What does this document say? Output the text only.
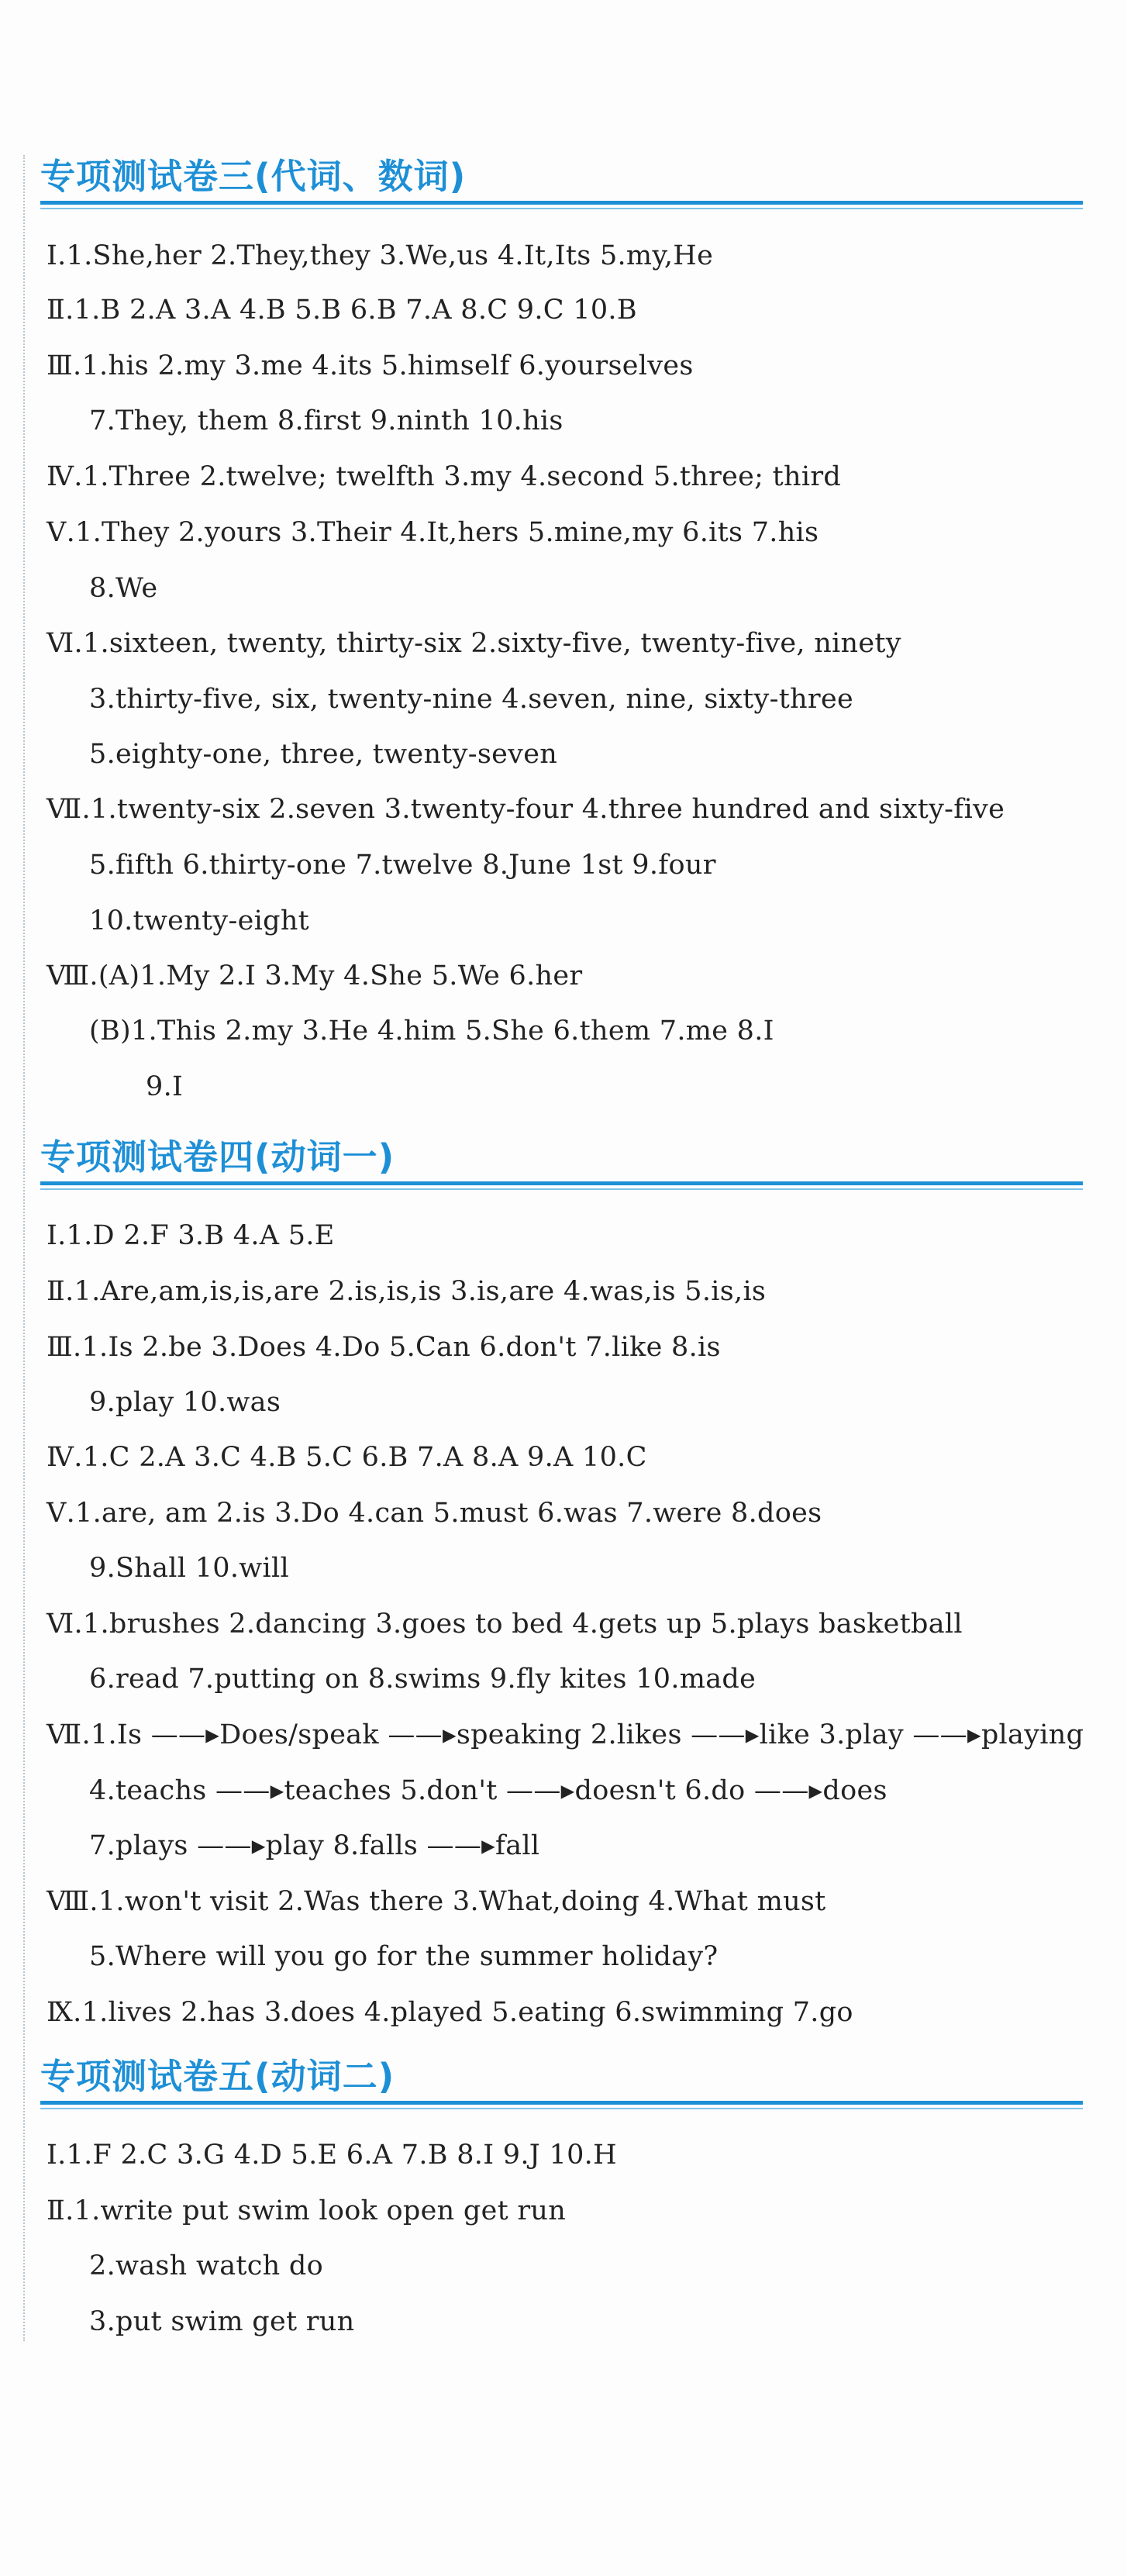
专项测试卷三(代词、数词)
Ⅰ.1.She,her 2.They,they 3.We,us 4.It,Its 5.my,He
Ⅱ.1.B 2.A 3.A 4.B 5.B 6.B 7.A 8.C 9.C 10.B
Ⅲ.1.his 2.my 3.me 4.its 5.himself 6.yourselves
7.They, them 8.first 9.ninth 10.his
Ⅳ.1.Three 2.twelve; twelfth 3.my 4.second 5.three; third
Ⅴ.1.They 2.yours 3.Their 4.It,hers 5.mine,my 6.its 7.his
8.We
Ⅵ.1.sixteen, twenty, thirty-six 2.sixty-five, twenty-five, ninety
3.thirty-five, six, twenty-nine 4.seven, nine, sixty-three
5.eighty-one, three, twenty-seven
Ⅶ.1.twenty-six 2.seven 3.twenty-four 4.three hundred and sixty-five
5.fifth 6.thirty-one 7.twelve 8.June 1st 9.four
10.twenty-eight
Ⅷ.(A)1.My 2.I 3.My 4.She 5.We 6.her
(B)1.This 2.my 3.He 4.him 5.She 6.them 7.me 8.I
9.I
专项测试卷四(动词一)
Ⅰ.1.D 2.F 3.B 4.A 5.E
Ⅱ.1.Are,am,is,is,are 2.is,is,is 3.is,are 4.was,is 5.is,is
Ⅲ.1.Is 2.be 3.Does 4.Do 5.Can 6.don't 7.like 8.is
9.play 10.was
Ⅳ.1.C 2.A 3.C 4.B 5.C 6.B 7.A 8.A 9.A 10.C
Ⅴ.1.are, am 2.is 3.Do 4.can 5.must 6.was 7.were 8.does
9.Shall 10.will
Ⅵ.1.brushes 2.dancing 3.goes to bed 4.gets up 5.plays basketball
6.read 7.putting on 8.swims 9.fly kites 10.made
Ⅶ.1.Is ——▸Does/speak ——▸speaking 2.likes ——▸like 3.play ——▸playing
4.teachs ——▸teaches 5.don't ——▸doesn't 6.do ——▸does
7.plays ——▸play 8.falls ——▸fall
Ⅷ.1.won't visit 2.Was there 3.What,doing 4.What must
5.Where will you go for the summer holiday?
Ⅸ.1.lives 2.has 3.does 4.played 5.eating 6.swimming 7.go
专项测试卷五(动词二)
Ⅰ.1.F 2.C 3.G 4.D 5.E 6.A 7.B 8.I 9.J 10.H
Ⅱ.1.write put swim look open get run
2.wash watch do
3.put swim get run
